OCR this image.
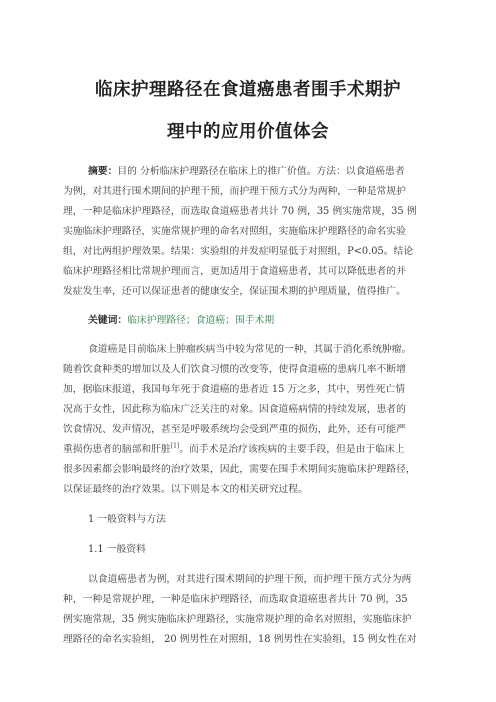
临床护理路径在食道癌患者围手术期护
理中的应用价值体会
摘要：目的 分析临床护理路径在临床上的推广价值。方法：以食道癌患者
为例，对其进行围术期间的护理干预，而护理干预方式分为两种，一种是常规护
理，一种是临床护理路径，而选取食道癌患者共计 70 例，35 例实施常规，35 例
实施临床护理路径，实施常规护理的命名对照组，实施临床护理路径的命名实验
组，对比两组护理效果。结果：实验组的并发症明显低于对照组，P<0.05。结论
临床护理路径相比常规护理而言，更加适用于食道癌患者，其可以降低患者的并
发症发生率，还可以保证患者的健康安全，保证围术期的护理质量，值得推广。
关键词：临床护理路径；食道癌；围手术期
食道癌是目前临床上肿瘤疾病当中较为常见的一种，其属于消化系统肿瘤。
随着饮食种类的增加以及人们饮食习惯的改变等，使得食道癌的患病几率不断增
加，据临床报道，我国每年死于食道癌的患者近 15 万之多，其中，男性死亡情
况高于女性，因此称为临床广泛关注的对象。因食道癌病情的持续发展，患者的
饮食情况、发声情况，甚至是呼吸系统均会受到严重的损伤，此外，还有可能严
重损伤患者的脑部和肝脏[1]。而手术是治疗该疾病的主要手段，但是由于临床上
很多因素都会影响最终的治疗效果，因此，需要在围手术期间实施临床护理路径，
以保证最终的治疗效果。以下则是本文的相关研究过程。
1 一般资料与方法
1.1 一般资料
以食道癌患者为例，对其进行围术期间的护理干预，而护理干预方式分为两
种，一种是常规护理，一种是临床护理路径，而选取食道癌患者共计 70 例，35
例实施常规，35 例实施临床护理路径，实施常规护理的命名对照组，实施临床护
理路径的命名实验组， 20 例男性在对照组，18 例男性在实验组，15 例女性在对
